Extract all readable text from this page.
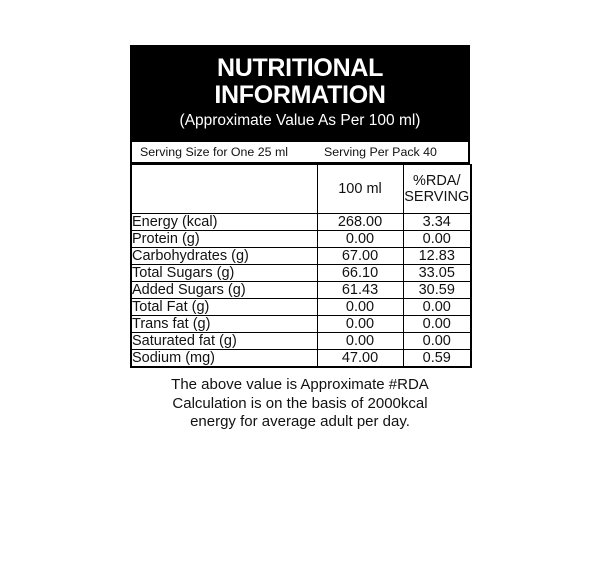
NUTRITIONAL INFORMATION
(Approximate Value As Per 100 ml)
Serving Size for One 25 ml	Serving Per Pack 40
	100 ml	%RDA/
SERVING
Energy (kcal)	268.00	3.34
Protein (g)	0.00	0.00
Carbohydrates (g)	67.00	12.83
Total Sugars (g)	66.10	33.05
Added Sugars (g)	61.43	30.59
Total Fat (g)	0.00	0.00
Trans fat (g)	0.00	0.00
Saturated fat (g)	0.00	0.00
Sodium (mg)	47.00	0.59
The above value is Approximate #RDA
Calculation is on the basis of 2000kcal
energy for average adult per day.
